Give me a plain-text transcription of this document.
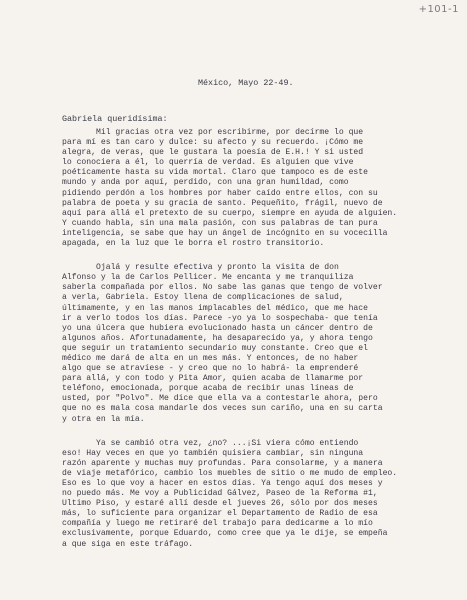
+101-1
México, Mayo 22-49.
Gabriela queridísima:
Mil gracias otra vez por escribirme, por decírme lo que
para mí es tan caro y dulce: su afecto y su recuerdo. ¡Cómo me
alegra, de veras, que le gustara la poesía de E.H.! Y si usted
lo conociera a él, lo querría de verdad. Es alguien que vive
poéticamente hasta su vida mortal. Claro que tampoco es de este
mundo y anda por aquí, perdido, con una gran humildad, como
pidiendo perdón a los hombres por haber caído entre ellos, con su
palabra de poeta y su gracia de santo. Pequeñito, frágil, nuevo de
aquí para allá el pretexto de su cuerpo, siempre en ayuda de alguien.
Y cuando habla, sin una mala pasión, con sus palabras de tan pura
inteligencia, se sabe que hay un ángel de incógnito en su vocecilla
apagada, en la luz que le borra el rostro transitorio.
Ojalá y resulte efectiva y pronto la visita de don
Alfonso y la de Carlos Pellicer. Me encanta y me tranquiliza
saberla compañada por ellos. No sabe las ganas que tengo de volver
a verla, Gabriela. Estoy llena de complicaciones de salud,
últimamente, y en las manos implacables del médico, que me hace
ir a verlo todos los días. Parece -yo ya lo sospechaba- que tenía
yo una úlcera que hubiera evolucionado hasta un cáncer dentro de
algunos años. Afortunadamente, ha desaparecido ya, y ahora tengo
que seguir un tratamiento secundario muy constante. Creo que el
médico me dará de alta en un mes más. Y entonces, de no haber
algo que se atravíese - y creo que no lo habrá- la emprenderé
para allá, y con todo y Pita Amor, quien acaba de llamarme por
teléfono, emocionada, porque acaba de recibir unas líneas de
usted, por "Polvo". Me dice que ella va a contestarle ahora, pero
que no es mala cosa mandarle dos veces sun cariño, una en su carta
y otra en la mía.
Ya se cambió otra vez, ¿no? ...¡Si viera cómo entiendo
eso! Hay veces en que yo también quisiera cambiar, sin ninguna
razón aparente y muchas muy profundas. Para consolarme, y a manera
de viaje metafórico, cambio los muebles de sitio o me mudo de empleo.
Eso es lo que voy a hacer en estos días. Ya tengo aquí dos meses y
no puedo más. Me voy a Publicidad Gálvez, Paseo de la Reforma #1,
Último Piso, y estaré allí desde el jueves 26, sólo por dos meses
más, lo suficiente para organizar el Departamento de Radio de esa
compañía y luego me retiraré del trabajo para dedicarme a lo mío
exclusivamente, porque Eduardo, como cree que ya le dije, se empeña
a que siga en este tráfago.
